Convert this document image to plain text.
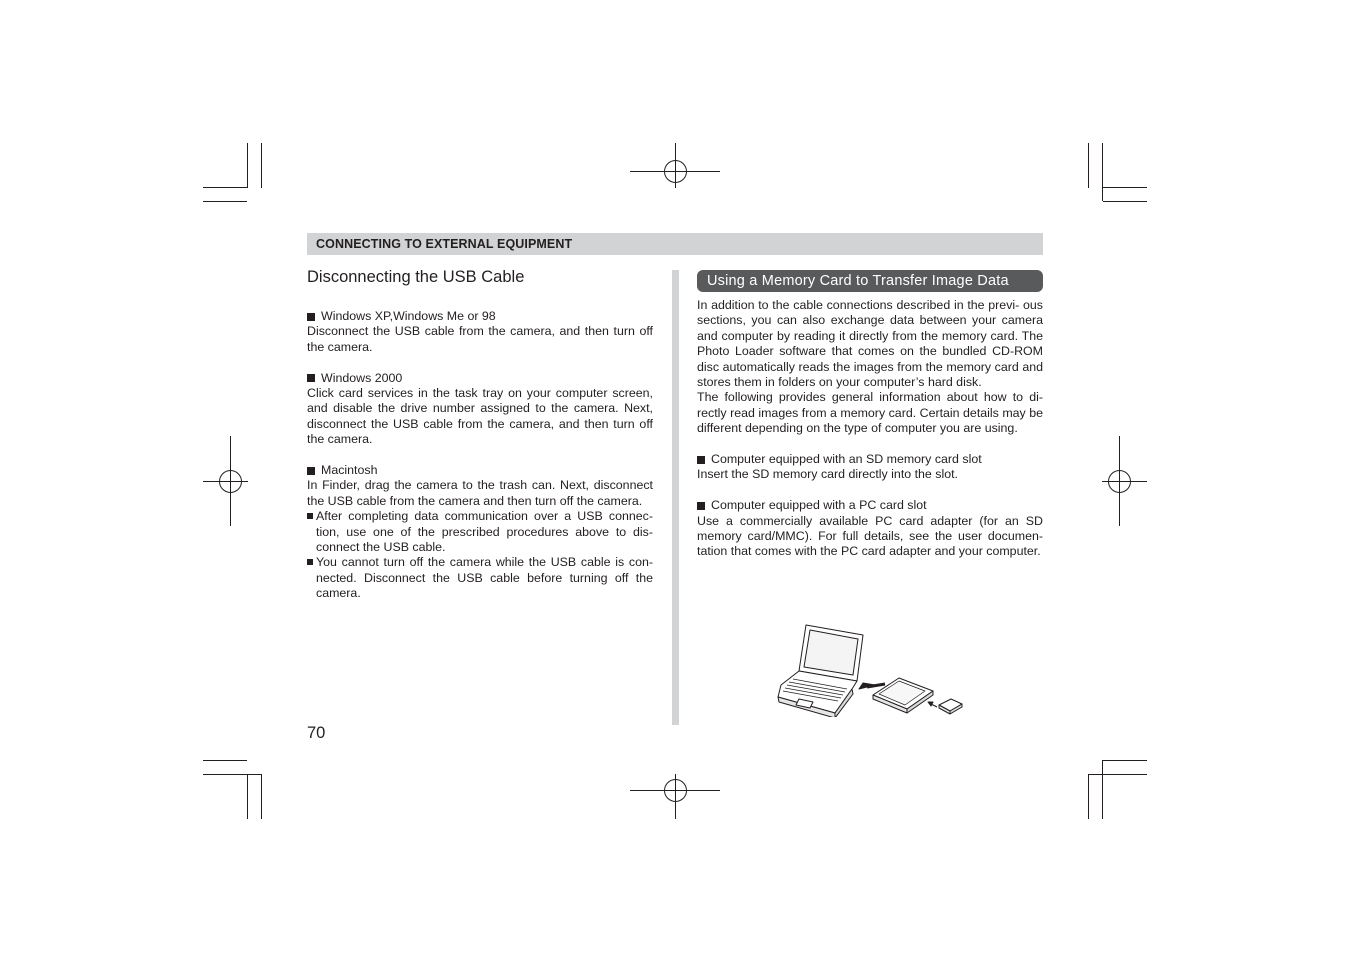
CONNECTING TO EXTERNAL EQUIPMENT
Disconnecting the USB Cable
Windows XP,Windows Me or 98
Disconnect the USB cable from the camera, and then turn off the camera.
Windows 2000
Click card services in the task tray on your computer screen, and disable the drive number assigned to the camera. Next, disconnect the USB cable from the camera, and then turn off the camera.
Macintosh
In Finder, drag the camera to the trash can. Next, disconnect the USB cable from the camera and then turn off the camera.
After completing data communication over a USB connec- tion, use one of the prescribed procedures above to dis- connect the USB cable.
You cannot turn off the camera while the USB cable is con- nected. Disconnect the USB cable before turning off the camera.
Using a Memory Card to Transfer Image Data
In addition to the cable connections described in the previ- ous sections, you can also exchange data between your camera and computer by reading it directly from the memory card. The Photo Loader software that comes on the bundled CD-ROM disc automatically reads the images from the memory card and stores them in folders on your computer’s hard disk.
The following provides general information about how to di- rectly read images from a memory card. Certain details may be different depending on the type of computer you are using.
Computer equipped with an SD memory card slot
Insert the SD memory card directly into the slot.
Computer equipped with a PC card slot
Use a commercially available PC card adapter (for an SD memory card/MMC). For full details, see the user documen- tation that comes with the PC card adapter and your computer.
70
